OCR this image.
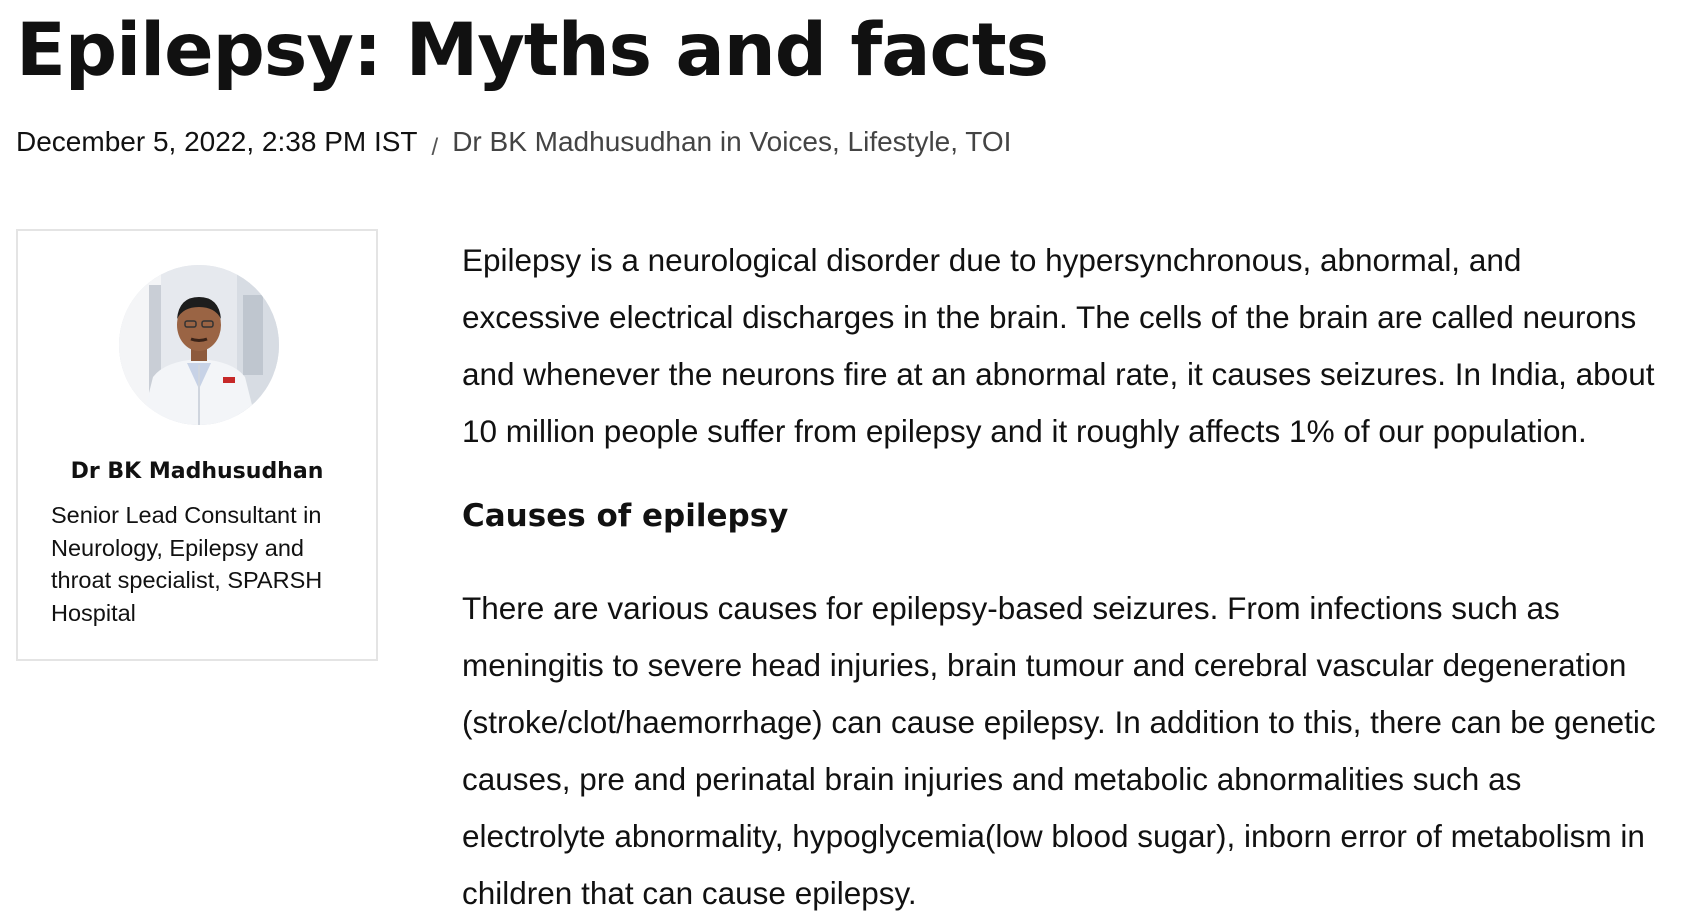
Epilepsy: Myths and facts
December 5, 2022, 2:38 PM IST / Dr BK Madhusudhan in Voices, Lifestyle, TOI
Dr BK Madhusudhan
Senior Lead Consultant in Neurology, Epilepsy and throat specialist, SPARSH Hospital

Epilepsy is a neurological disorder due to hypersynchronous, abnormal, and
excessive electrical discharges in the brain. The cells of the brain are called neurons
and whenever the neurons fire at an abnormal rate, it causes seizures. In India, about
10 million people suffer from epilepsy and it roughly affects 1% of our population.

Causes of epilepsy

There are various causes for epilepsy-based seizures. From infections such as
meningitis to severe head injuries, brain tumour and cerebral vascular degeneration
(stroke/clot/haemorrhage) can cause epilepsy. In addition to this, there can be genetic
causes, pre and perinatal brain injuries and metabolic abnormalities such as
electrolyte abnormality, hypoglycemia(low blood sugar), inborn error of metabolism in
children that can cause epilepsy.
